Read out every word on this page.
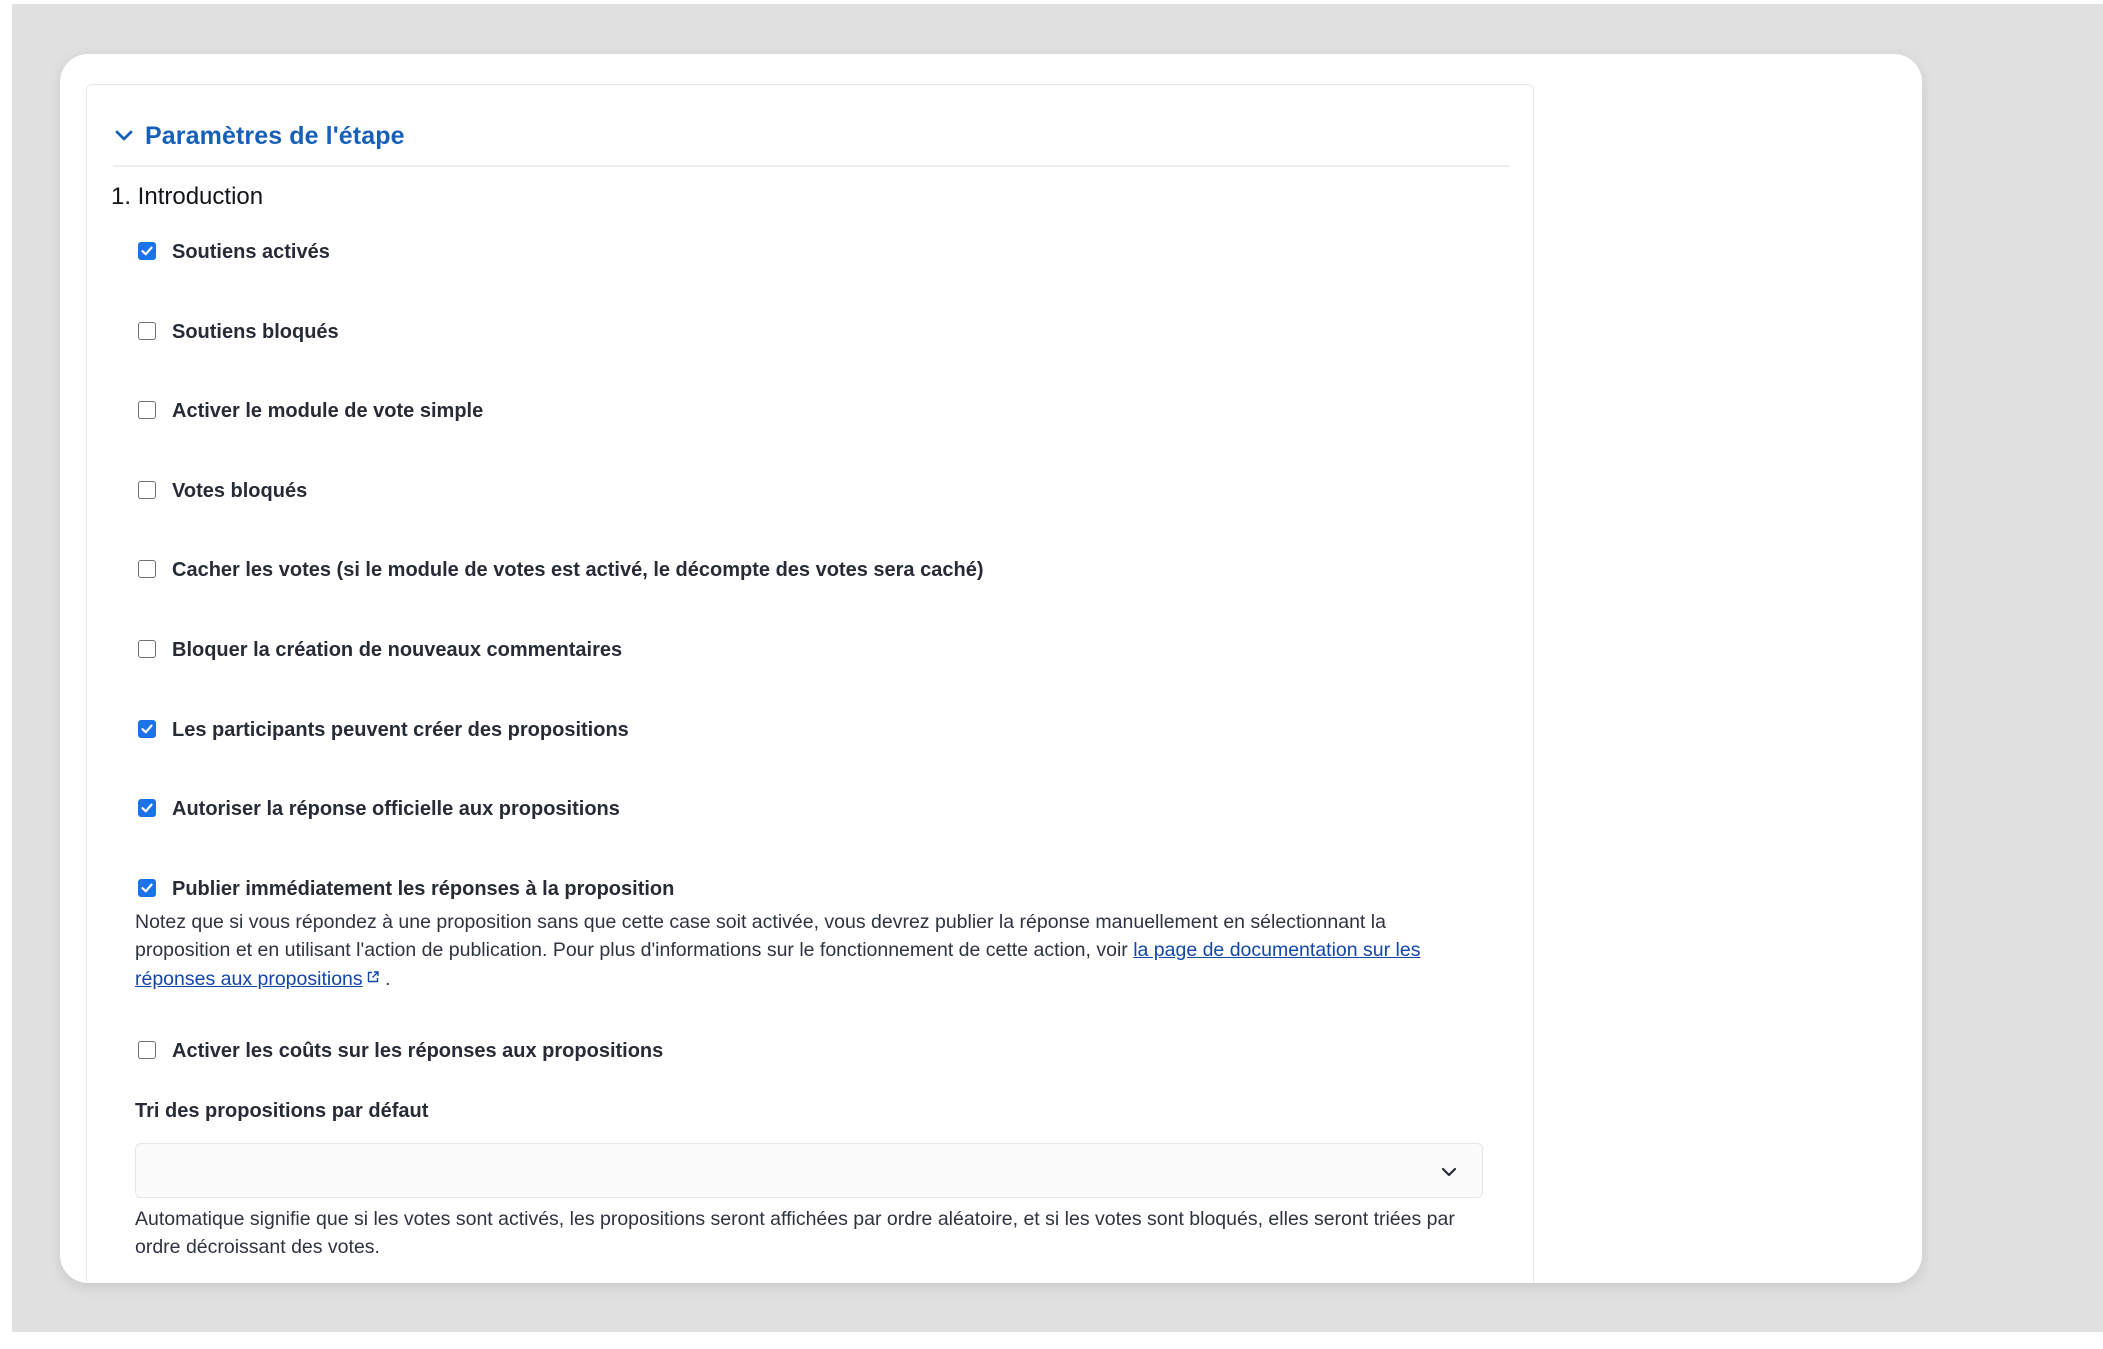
Paramètres de l'étape
1. Introduction
Soutiens activés
Soutiens bloqués
Activer le module de vote simple
Votes bloqués
Cacher les votes (si le module de votes est activé, le décompte des votes sera caché)
Bloquer la création de nouveaux commentaires
Les participants peuvent créer des propositions
Autoriser la réponse officielle aux propositions
Publier immédiatement les réponses à la proposition
Notez que si vous répondez à une proposition sans que cette case soit activée, vous devrez publier la réponse manuellement en sélectionnant la proposition et en utilisant l'action de publication. Pour plus d'informations sur le fonctionnement de cette action, voir la page de documentation sur les réponses aux propositions .
Activer les coûts sur les réponses aux propositions
Tri des propositions par défaut
Automatique signifie que si les votes sont activés, les propositions seront affichées par ordre aléatoire, et si les votes sont bloqués, elles seront triées par ordre décroissant des votes.
